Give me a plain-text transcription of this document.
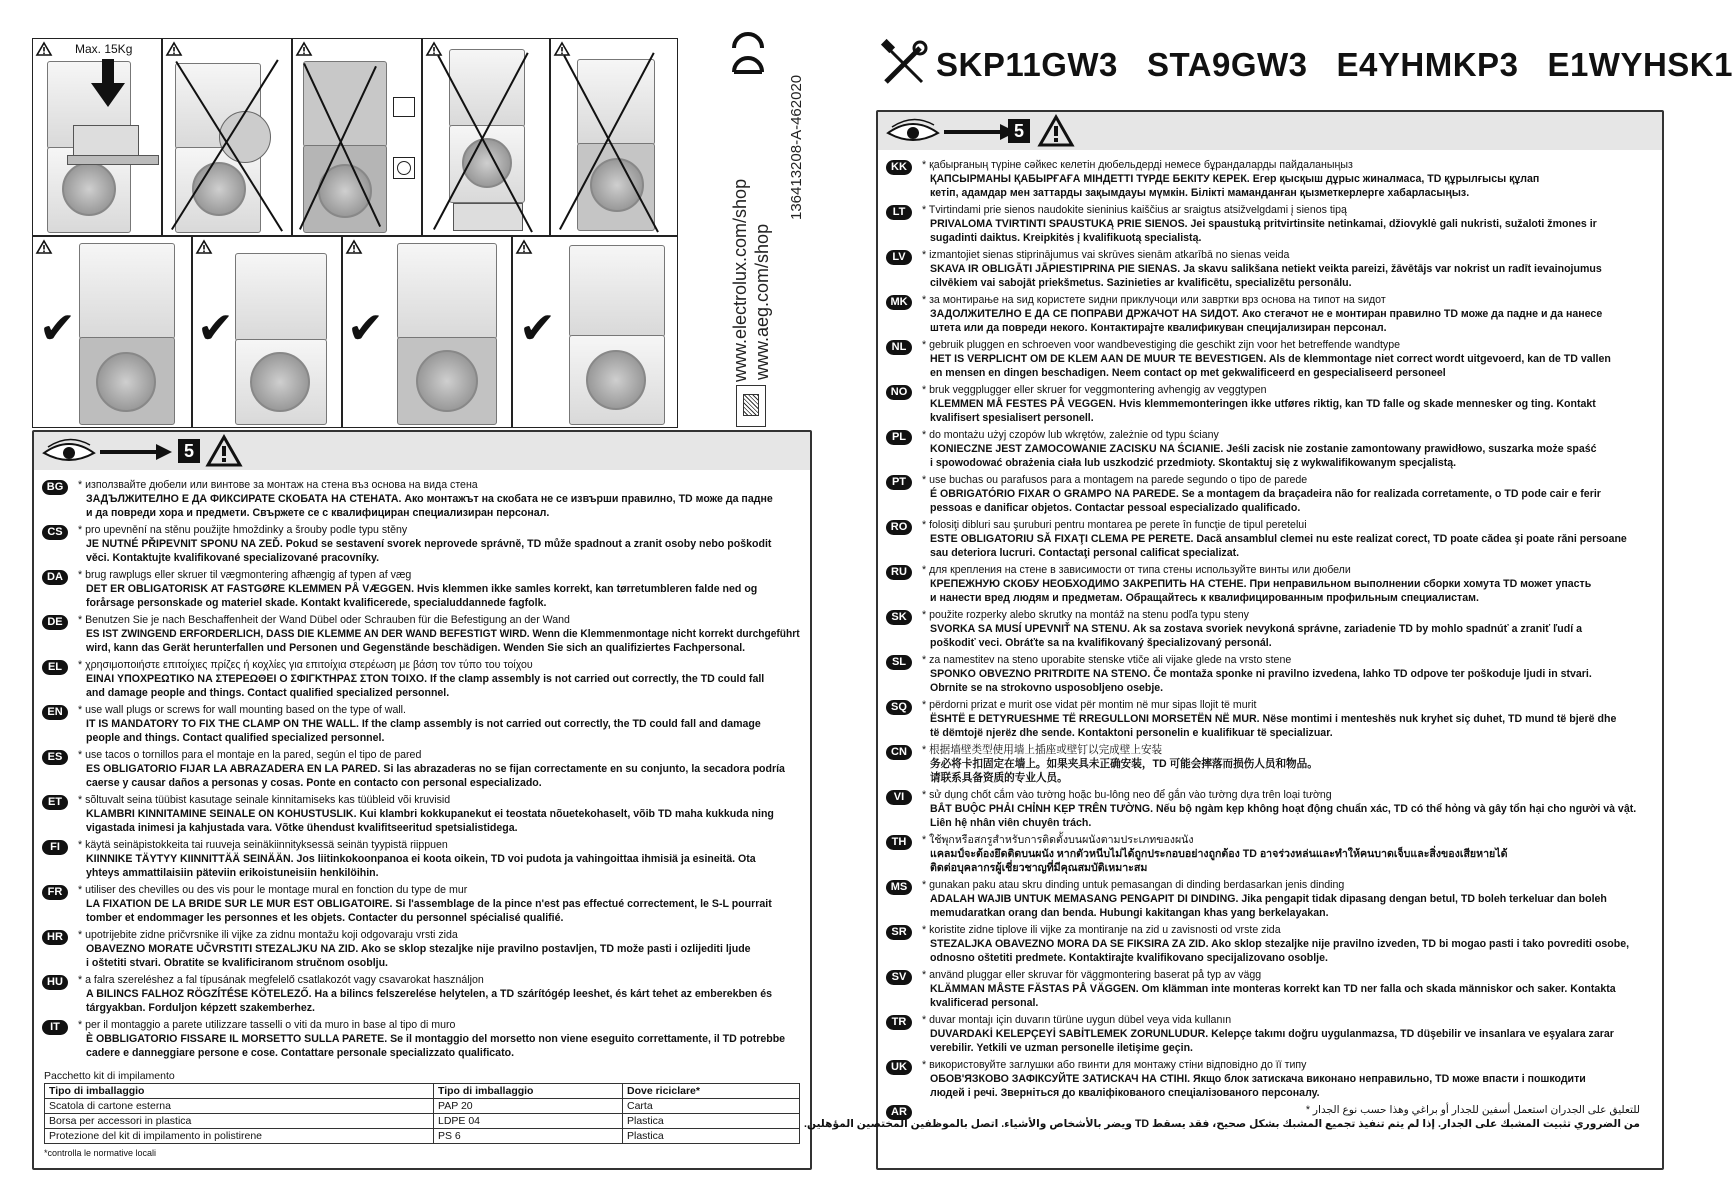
Max. 15Kg
✔	✔	✔	✔	www.electrolux.com/shop www.aeg.com/shop
136413208-A-462020
SKP11GW3 STA9GW3 E4YHMKP3 E1WYHSK1
5
BG	* използвайте дюбели или винтове за монтаж на стена въз основа на вида стена
ЗАДЪЛЖИТЕЛНО Е ДА ФИКСИРАТЕ СКОБАТА НА СТЕНАТА. Ако монтажът на скобата не се извърши правилно, TD може да падне
и да повреди хора и предмети. Свържете се с квалифициран специализиран персонал.
CS	* pro upevnění na stěnu použijte hmoždinky a šrouby podle typu stěny
JE NUTNÉ PŘIPEVNIT SPONU NA ZEĎ. Pokud se sestavení svorek neprovede správně, TD může spadnout a zranit osoby nebo poškodit
věci. Kontaktujte kvalifikované specializované pracovníky.
DA	* brug rawplugs eller skruer til vægmontering afhængig af typen af væg
DET ER OBLIGATORISK AT FASTGØRE KLEMMEN PÅ VÆGGEN. Hvis klemmen ikke samles korrekt, kan tørretumbleren falde ned og
forårsage personskade og materiel skade. Kontakt kvalificerede, specialuddannede fagfolk.
DE	* Benutzen Sie je nach Beschaffenheit der Wand Dübel oder Schrauben für die Befestigung an der Wand
ES IST ZWINGEND ERFORDERLICH, DASS DIE KLEMME AN DER WAND BEFESTIGT WIRD. Wenn die Klemmenmontage nicht korrekt durchgeführt
wird, kann das Gerät herunterfallen und Personen und Gegenstände beschädigen. Wenden Sie sich an qualifiziertes Fachpersonal.
EL	* χρησιμοποιήστε επιτοίχιες πρίζες ή κοχλίες για επιτοίχια στερέωση με βάση τον τύπο του τοίχου
ΕΙΝΑΙ ΥΠΟΧΡΕΩΤΙΚΟ ΝΑ ΣΤΕΡΕΩΘΕΙ Ο ΣΦΙΓΚΤΗΡΑΣ ΣΤΟΝ ΤΟΙΧΟ. If the clamp assembly is not carried out correctly, the TD could fall
and damage people and things. Contact qualified specialized personnel.
EN	* use wall plugs or screws for wall mounting based on the type of wall.
IT IS MANDATORY TO FIX THE CLAMP ON THE WALL. If the clamp assembly is not carried out correctly, the TD could fall and damage
people and things. Contact qualified specialized personnel.
ES	* use tacos o tornillos para el montaje en la pared, según el tipo de pared
ES OBLIGATORIO FIJAR LA ABRAZADERA EN LA PARED. Si las abrazaderas no se fijan correctamente en su conjunto, la secadora podría
caerse y causar daños a personas y cosas. Ponte en contacto con personal especializado.
ET	* sõltuvalt seina tüübist kasutage seinale kinnitamiseks kas tüübleid või kruvisid
KLAMBRI KINNITAMINE SEINALE ON KOHUSTUSLIK. Kui klambri kokkupanekut ei teostata nõuetekohaselt, võib TD maha kukkuda ning
vigastada inimesi ja kahjustada vara. Võtke ühendust kvalifitseeritud spetsialistidega.
FI	* käytä seinäpistokkeita tai ruuveja seinäkiinnityksessä seinän tyypistä riippuen
KIINNIKE TÄYTYY KIINNITTÄÄ SEINÄÄN. Jos liitinkokoonpanoa ei koota oikein, TD voi pudota ja vahingoittaa ihmisiä ja esineitä. Ota
yhteys ammattilaisiin päteviin erikoistuneisiin henkilöihin.
FR	* utiliser des chevilles ou des vis pour le montage mural en fonction du type de mur
LA FIXATION DE LA BRIDE SUR LE MUR EST OBLIGATOIRE. Si l'assemblage de la pince n'est pas effectué correctement, le S-L pourrait
tomber et endommager les personnes et les objets. Contacter du personnel spécialisé qualifié.
HR	* upotrijebite zidne pričvrsnike ili vijke za zidnu montažu koji odgovaraju vrsti zida
OBAVEZNO MORATE UČVRSTITI STEZALJKU NA ZID. Ako se sklop stezaljke nije pravilno postavljen, TD može pasti i ozlijediti ljude
i oštetiti stvari. Obratite se kvalificiranom stručnom osoblju.
HU	* a falra szereléshez a fal típusának megfelelő csatlakozót vagy csavarokat használjon
A BILINCS FALHOZ RÖGZÍTÉSE KÖTELEZŐ. Ha a bilincs felszerelése helytelen, a TD szárítógép leeshet, és kárt tehet az emberekben és
tárgyakban. Forduljon képzett szakemberhez.
IT	* per il montaggio a parete utilizzare tasselli o viti da muro in base al tipo di muro
È OBBLIGATORIO FISSARE IL MORSETTO SULLA PARETE. Se il montaggio del morsetto non viene eseguito correttamente, il TD potrebbe
cadere e danneggiare persone e cose. Contattare personale specializzato qualificato.
Pacchetto kit di impilamento
Tipo di imballaggio	Tipo di imballaggio	Dove riciclare*
Scatola di cartone esterna	PAP 20	Carta
Borsa per accessori in plastica	LDPE 04	Plastica
Protezione del kit di impilamento in polistirene	PS 6	Plastica
*controlla le normative locali
5
KK	* қабырғаның түріне сәйкес келетін дюбельдерді немесе бұрандаларды пайдаланыңыз
ҚАПСЫРМАНЫ ҚАБЫРҒАҒА МІНДЕТТІ ТҮРДЕ БЕКІТУ КЕРЕК. Егер қысқыш дұрыс жиналмаса, TD құрылғысы құлап
кетіп, адамдар мен заттарды зақымдауы мүмкін. Білікті маманданған қызметкерлерге хабарласыңыз.
LT	* Tvirtindami prie sienos naudokite sieninius kaiščius ar sraigtus atsižvelgdami į sienos tipą
PRIVALOMA TVIRTINTI SPAUSTUKĄ PRIE SIENOS. Jei spaustuką pritvirtinsite netinkamai, džiovyklė gali nukristi, sužaloti žmones ir
sugadinti daiktus. Kreipkitės į kvalifikuotą specialistą.
LV	* izmantojiet sienas stiprinājumus vai skrūves sienām atkarībā no sienas veida
SKAVA IR OBLIGĀTI JĀPIESTIPRINA PIE SIENAS. Ja skavu salikšana netiekt veikta pareizi, žāvētājs var nokrist un radīt ievainojumus
cilvēkiem vai sabojāt priekšmetus. Sazinieties ar kvalificētu, specializētu personālu.
MK	* за монтирање на ѕид користете ѕидни приклучоци или завртки врз основа на типот на ѕидот
ЗАДОЛЖИТЕЛНО Е ДА СЕ ПОПРАВИ ДРЖАЧОТ НА ЅИДОТ. Ако стегачот не е монтиран правилно TD може да падне и да нанесе
штета или да повреди некого. Контактирајте квалификуван специјализиран персонал.
NL	* gebruik pluggen en schroeven voor wandbevestiging die geschikt zijn voor het betreffende wandtype
HET IS VERPLICHT OM DE KLEM AAN DE MUUR TE BEVESTIGEN. Als de klemmontage niet correct wordt uitgevoerd, kan de TD vallen
en mensen en dingen beschadigen. Neem contact op met gekwalificeerd en gespecialiseerd personeel
NO	* bruk veggplugger eller skruer for veggmontering avhengig av veggtypen
KLEMMEN MÅ FESTES PÅ VEGGEN. Hvis klemmemonteringen ikke utføres riktig, kan TD falle og skade mennesker og ting. Kontakt
kvalifisert spesialisert personell.
PL	* do montażu użyj czopów lub wkrętów, zależnie od typu ściany
KONIECZNE JEST ZAMOCOWANIE ZACISKU NA ŚCIANIE. Jeśli zacisk nie zostanie zamontowany prawidłowo, suszarka może spaść
i spowodować obrażenia ciała lub uszkodzić przedmioty. Skontaktuj się z wykwalifikowanym specjalistą.
PT	* use buchas ou parafusos para a montagem na parede segundo o tipo de parede
É OBRIGATÓRIO FIXAR O GRAMPO NA PAREDE. Se a montagem da braçadeira não for realizada corretamente, o TD pode cair e ferir
pessoas e danificar objetos. Contactar pessoal especializado qualificado.
RO	* folosiţi dibluri sau şuruburi pentru montarea pe perete în funcţie de tipul peretelui
ESTE OBLIGATORIU SĂ FIXAŢI CLEMA PE PERETE. Dacă ansamblul clemei nu este realizat corect, TD poate cădea şi poate răni persoane
sau deteriora lucruri. Contactaţi personal calificat specializat.
RU	* для крепления на стене в зависимости от типа стены используйте винты или дюбели
КРЕПЕЖНУЮ СКОБУ НЕОБХОДИМО ЗАКРЕПИТЬ НА СТЕНЕ. При неправильном выполнении сборки хомута TD может упасть
и нанести вред людям и предметам. Обращайтесь к квалифицированным профильным специалистам.
SK	* použite rozperky alebo skrutky na montáž na stenu podľa typu steny
SVORKA SA MUSÍ UPEVNIŤ NA STENU. Ak sa zostava svoriek nevykoná správne, zariadenie TD by mohlo spadnúť a zraniť ľudí a
poškodiť veci. Obráťte sa na kvalifikovaný špecializovaný personál.
SL	* za namestitev na steno uporabite stenske vtiče ali vijake glede na vrsto stene
SPONKO OBVEZNO PRITRDITE NA STENO. Če montaža sponke ni pravilno izvedena, lahko TD odpove ter poškoduje ljudi in stvari.
Obrnite se na strokovno usposobljeno osebje.
SQ	* përdorni prizat e murit ose vidat për montim në mur sipas llojit të murit
ËSHTË E DETYRUESHME TË RREGULLONI MORSETËN NË MUR. Nëse montimi i menteshës nuk kryhet siç duhet, TD mund të bjerë dhe
të dëmtojë njerëz dhe sende. Kontaktoni personelin e kualifikuar të specializuar.
CN	* 根据墙壁类型使用墙上插座或壁钉以完成壁上安装
务必将卡扣固定在墙上。如果夹具未正确安装，TD 可能会摔落而损伤人员和物品。
请联系具备资质的专业人员。
VI	* sử dụng chốt cắm vào tường hoặc bu-lông neo để gắn vào tường dựa trên loại tường
BẮT BUỘC PHẢI CHỈNH KẸP TRÊN TƯỜNG. Nếu bộ ngàm kẹp không hoạt động chuẩn xác, TD có thể hỏng và gây tổn hại cho người và vật.
Liên hệ nhân viên chuyên trách.
TH	* ใช้พุกหรือสกรูสำหรับการติดตั้งบนผนังตามประเภทของผนัง
แคลมป์จะต้องยึดติดบนผนัง หากตัวหนีบไม่ได้ถูกประกอบอย่างถูกต้อง TD อาจร่วงหล่นและทำให้คนบาดเจ็บและสิ่งของเสียหายได้
ติดต่อบุคลากรผู้เชี่ยวชาญที่มีคุณสมบัติเหมาะสม
MS	* gunakan paku atau skru dinding untuk pemasangan di dinding berdasarkan jenis dinding
ADALAH WAJIB UNTUK MEMASANG PENGAPIT DI DINDING. Jika pengapit tidak dipasang dengan betul, TD boleh terkeluar dan boleh
memudaratkan orang dan benda. Hubungi kakitangan khas yang berkelayakan.
SR	* koristite zidne tiplove ili vijke za montiranje na zid u zavisnosti od vrste zida
STEZALJKA OBAVEZNO MORA DA SE FIKSIRA ZA ZID. Ako sklop stezaljke nije pravilno izveden, TD bi mogao pasti i tako povrediti osobe,
odnosno oštetiti predmete. Kontaktirajte kvalifikovano specijalizovano osoblje.
SV	* använd pluggar eller skruvar för väggmontering baserat på typ av vägg
KLÄMMAN MÅSTE FÄSTAS PÅ VÄGGEN. Om klämman inte monteras korrekt kan TD ner falla och skada människor och saker. Kontakta
kvalificerad personal.
TR	* duvar montajı için duvarın türüne uygun dübel veya vida kullanın
DUVARDAKİ KELEPÇEYİ SABİTLEMEK ZORUNLUDUR. Kelepçe takımı doğru uygulanmazsa, TD düşebilir ve insanlara ve eşyalara zarar
verebilir. Yetkili ve uzman personelle iletişime geçin.
UK	* використовуйте заглушки або гвинти для монтажу стіни відповідно до її типу
ОБОВ'ЯЗКОВО ЗАФІКСУЙТЕ ЗАТИСКАЧ НА СТІНІ. Якщо блок затискача виконано неправильно, TD може впасти і пошкодити
людей і речі. Зверніться до кваліфікованого спеціалізованого персоналу.
AR	للتعليق على الجدران استعمل أسفين للجدار أو براغي وهذا حسب نوع الجدار *
من الضروري تثبيت المشبك على الجدار. إذا لم يتم تنفيذ تجميع المشبك بشكل صحيح، فقد يسقط TD ويضر بالأشخاص والأشياء. اتصل بالموظفين المختصين المؤهلين.
